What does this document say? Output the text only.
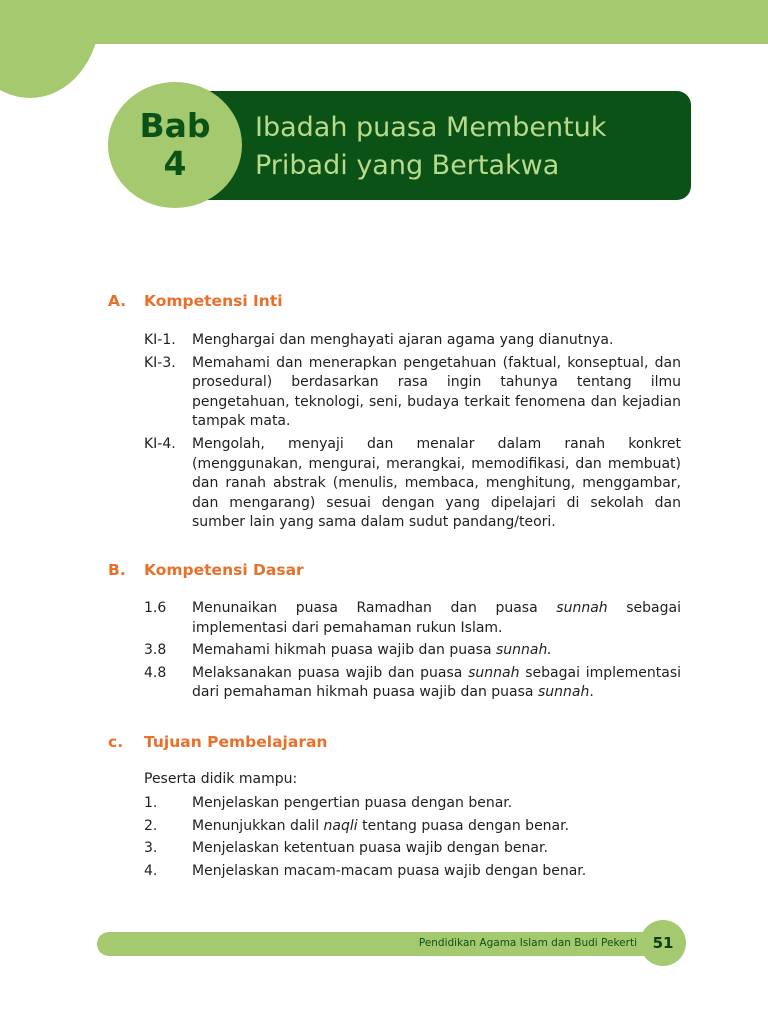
Ibadah puasa Membentuk Pribadi yang Bertakwa
Bab
4
A. Kompetensi Inti
KI-1.	Menghargai dan menghayati ajaran agama yang dianutnya.
KI-3.	Memahami dan menerapkan pengetahuan (faktual, konseptual, dan prosedural) berdasarkan rasa ingin tahunya tentang ilmu pengetahuan, teknologi, seni, budaya terkait fenomena dan kejadian tampak mata.
KI-4.	Mengolah, menyaji dan menalar dalam ranah konkret (menggunakan, mengurai, merangkai, memodifikasi, dan membuat) dan ranah abstrak (menulis, membaca, menghitung, menggambar, dan mengarang) sesuai dengan yang dipelajari di sekolah dan sumber lain yang sama dalam sudut pandang/teori.
B. Kompetensi Dasar
1.6	Menunaikan puasa Ramadhan dan puasa sunnah sebagai implementasi dari pemahaman rukun Islam.
3.8	Memahami hikmah puasa wajib dan puasa sunnah.
4.8	Melaksanakan puasa wajib dan puasa sunnah sebagai implementasi dari pemahaman hikmah puasa wajib dan puasa sunnah.
c. Tujuan Pembelajaran

Peserta didik mampu:

1.	Menjelaskan pengertian puasa dengan benar.
2.	Menunjukkan dalil naqli tentang puasa dengan benar.
3.	Menjelaskan ketentuan puasa wajib dengan benar.
4.	Menjelaskan macam-macam puasa wajib dengan benar.
Pendidikan Agama Islam dan Budi Pekerti	51
